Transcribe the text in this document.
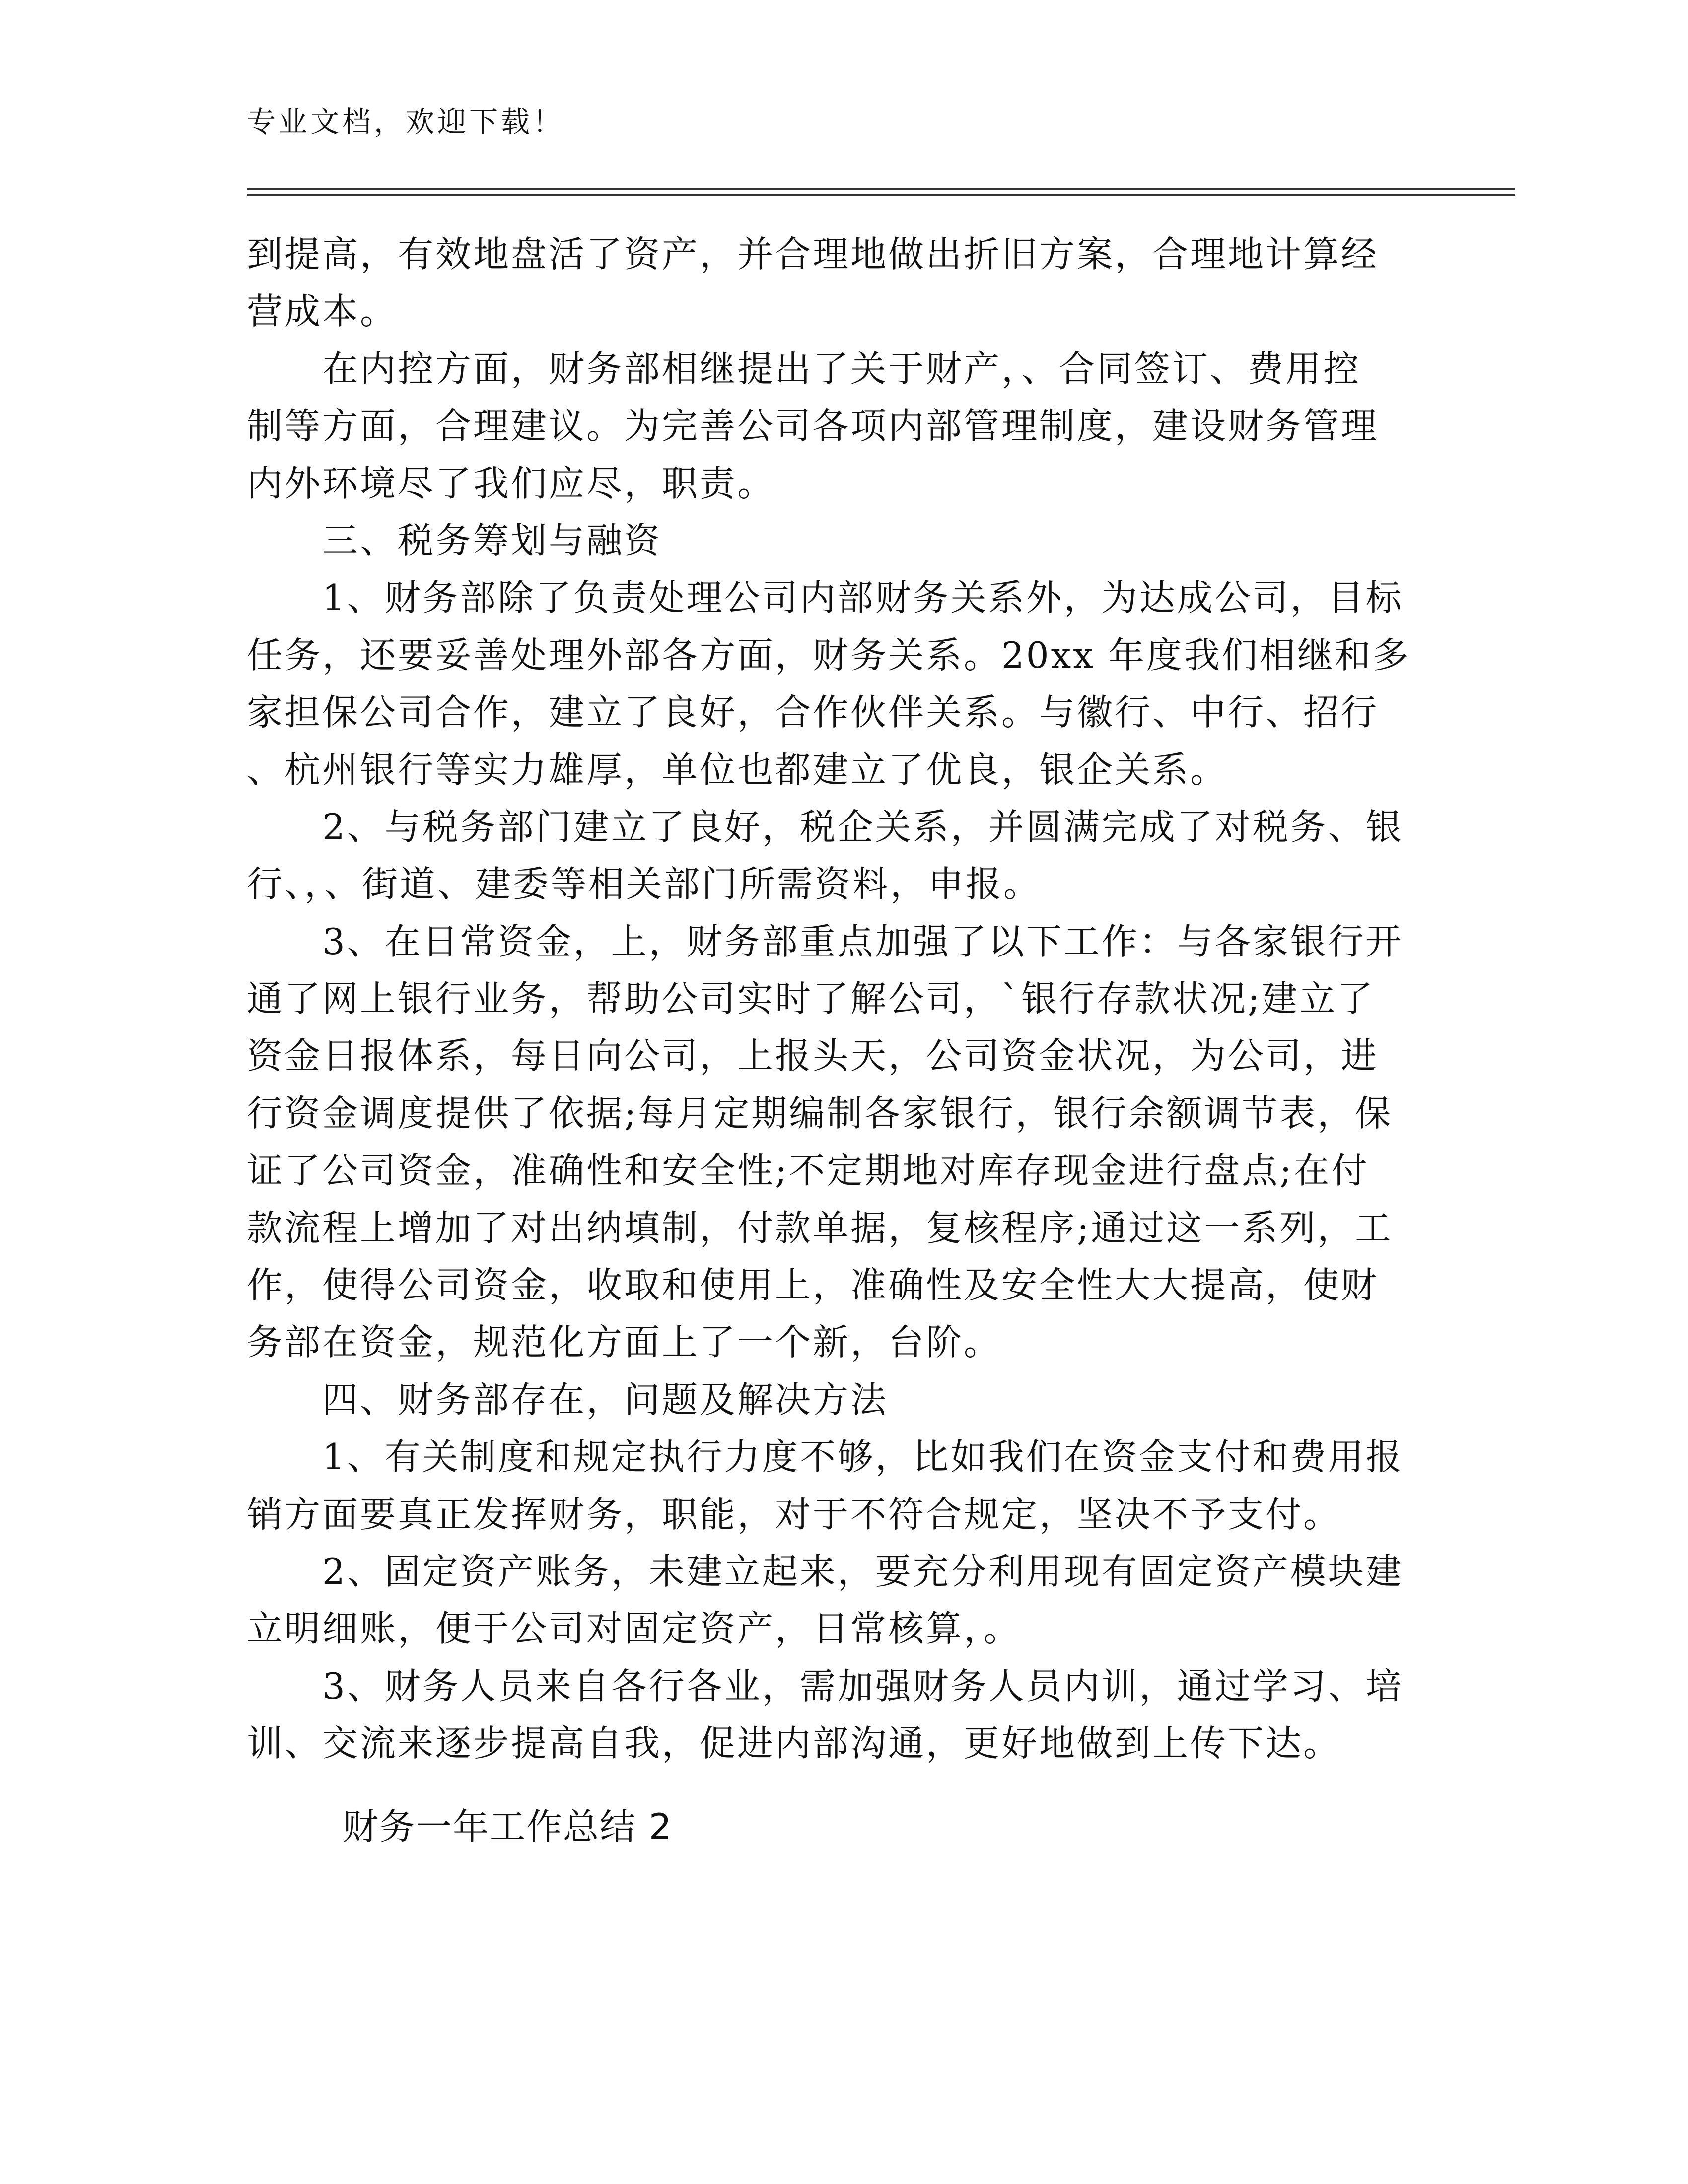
专业文档，欢迎下载！
到提高，有效地盘活了资产，并合理地做出折旧方案，合理地计算经
营成本。
在内控方面，财务部相继提出了关于财产，、合同签订、费用控
制等方面，合理建议。为完善公司各项内部管理制度，建设财务管理
内外环境尽了我们应尽，职责。
三、税务筹划与融资
1、财务部除了负责处理公司内部财务关系外，为达成公司，目标
任务，还要妥善处理外部各方面，财务关系。20xx 年度我们相继和多
家担保公司合作，建立了良好，合作伙伴关系。与徽行、中行、招行
、杭州银行等实力雄厚，单位也都建立了优良，银企关系。
2、与税务部门建立了良好，税企关系，并圆满完成了对税务、银
行、，、街道、建委等相关部门所需资料，申报。
3、在日常资金，上，财务部重点加强了以下工作：与各家银行开
通了网上银行业务，帮助公司实时了解公司，`银行存款状况;建立了
资金日报体系，每日向公司，上报头天，公司资金状况，为公司，进
行资金调度提供了依据;每月定期编制各家银行，银行余额调节表，保
证了公司资金，准确性和安全性;不定期地对库存现金进行盘点;在付
款流程上增加了对出纳填制，付款单据，复核程序;通过这一系列，工
作，使得公司资金，收取和使用上，准确性及安全性大大提高，使财
务部在资金，规范化方面上了一个新，台阶。
四、财务部存在，问题及解决方法
1、有关制度和规定执行力度不够，比如我们在资金支付和费用报
销方面要真正发挥财务，职能，对于不符合规定，坚决不予支付。
2、固定资产账务，未建立起来，要充分利用现有固定资产模块建
立明细账，便于公司对固定资产，日常核算，。
3、财务人员来自各行各业，需加强财务人员内训，通过学习、培
训、交流来逐步提高自我，促进内部沟通，更好地做到上传下达。
财务一年工作总结 2
